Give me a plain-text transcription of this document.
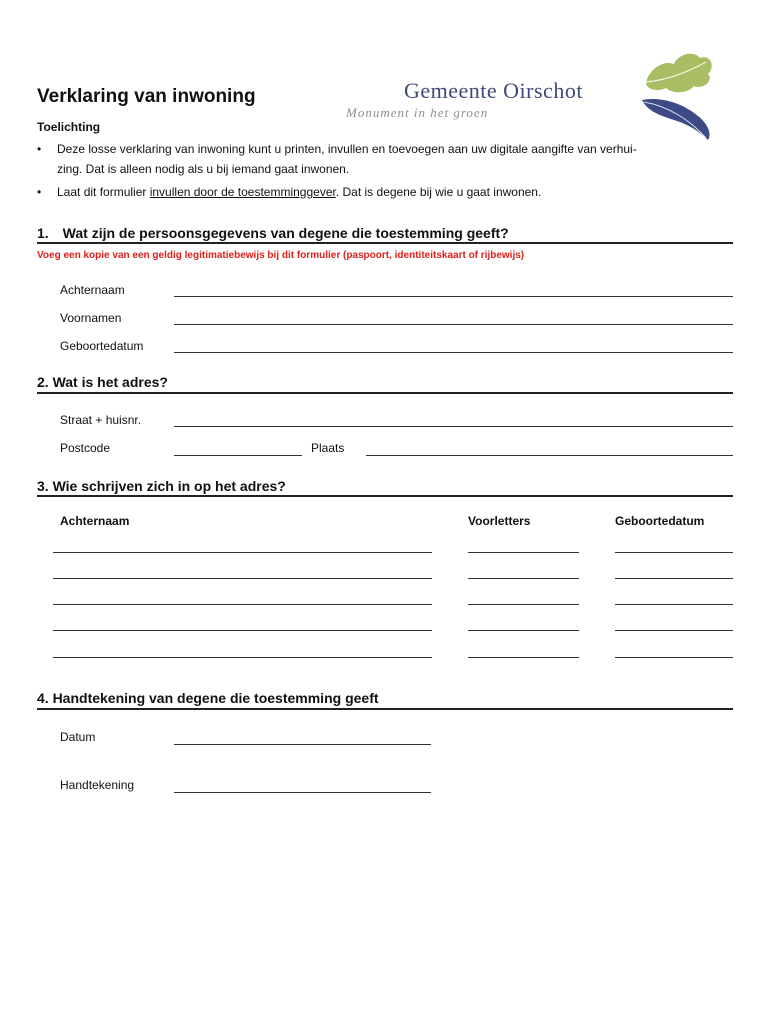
Verklaring van inwoning	Gemeente Oirschot
Monument in het groen
Toelichting
• Deze losse verklaring van inwoning kunt u printen, invullen en toevoegen aan uw digitale aangifte van verhui-
zing. Dat is alleen nodig als u bij iemand gaat inwonen.
• Laat dit formulier invullen door de toestemminggever. Dat is degene bij wie u gaat inwonen.
1. Wat zijn de persoonsgegevens van degene die toestemming geeft?
Voeg een kopie van een geldig legitimatiebewijs bij dit formulier (paspoort, identiteitskaart of rijbewijs)
Achternaam
Voornamen
Geboortedatum
2. Wat is het adres?
Straat + huisnr.
Postcode	Plaats
3. Wie schrijven zich in op het adres?
Achternaam	Voorletters	Geboortedatum
4. Handtekening van degene die toestemming geeft
Datum
Handtekening
